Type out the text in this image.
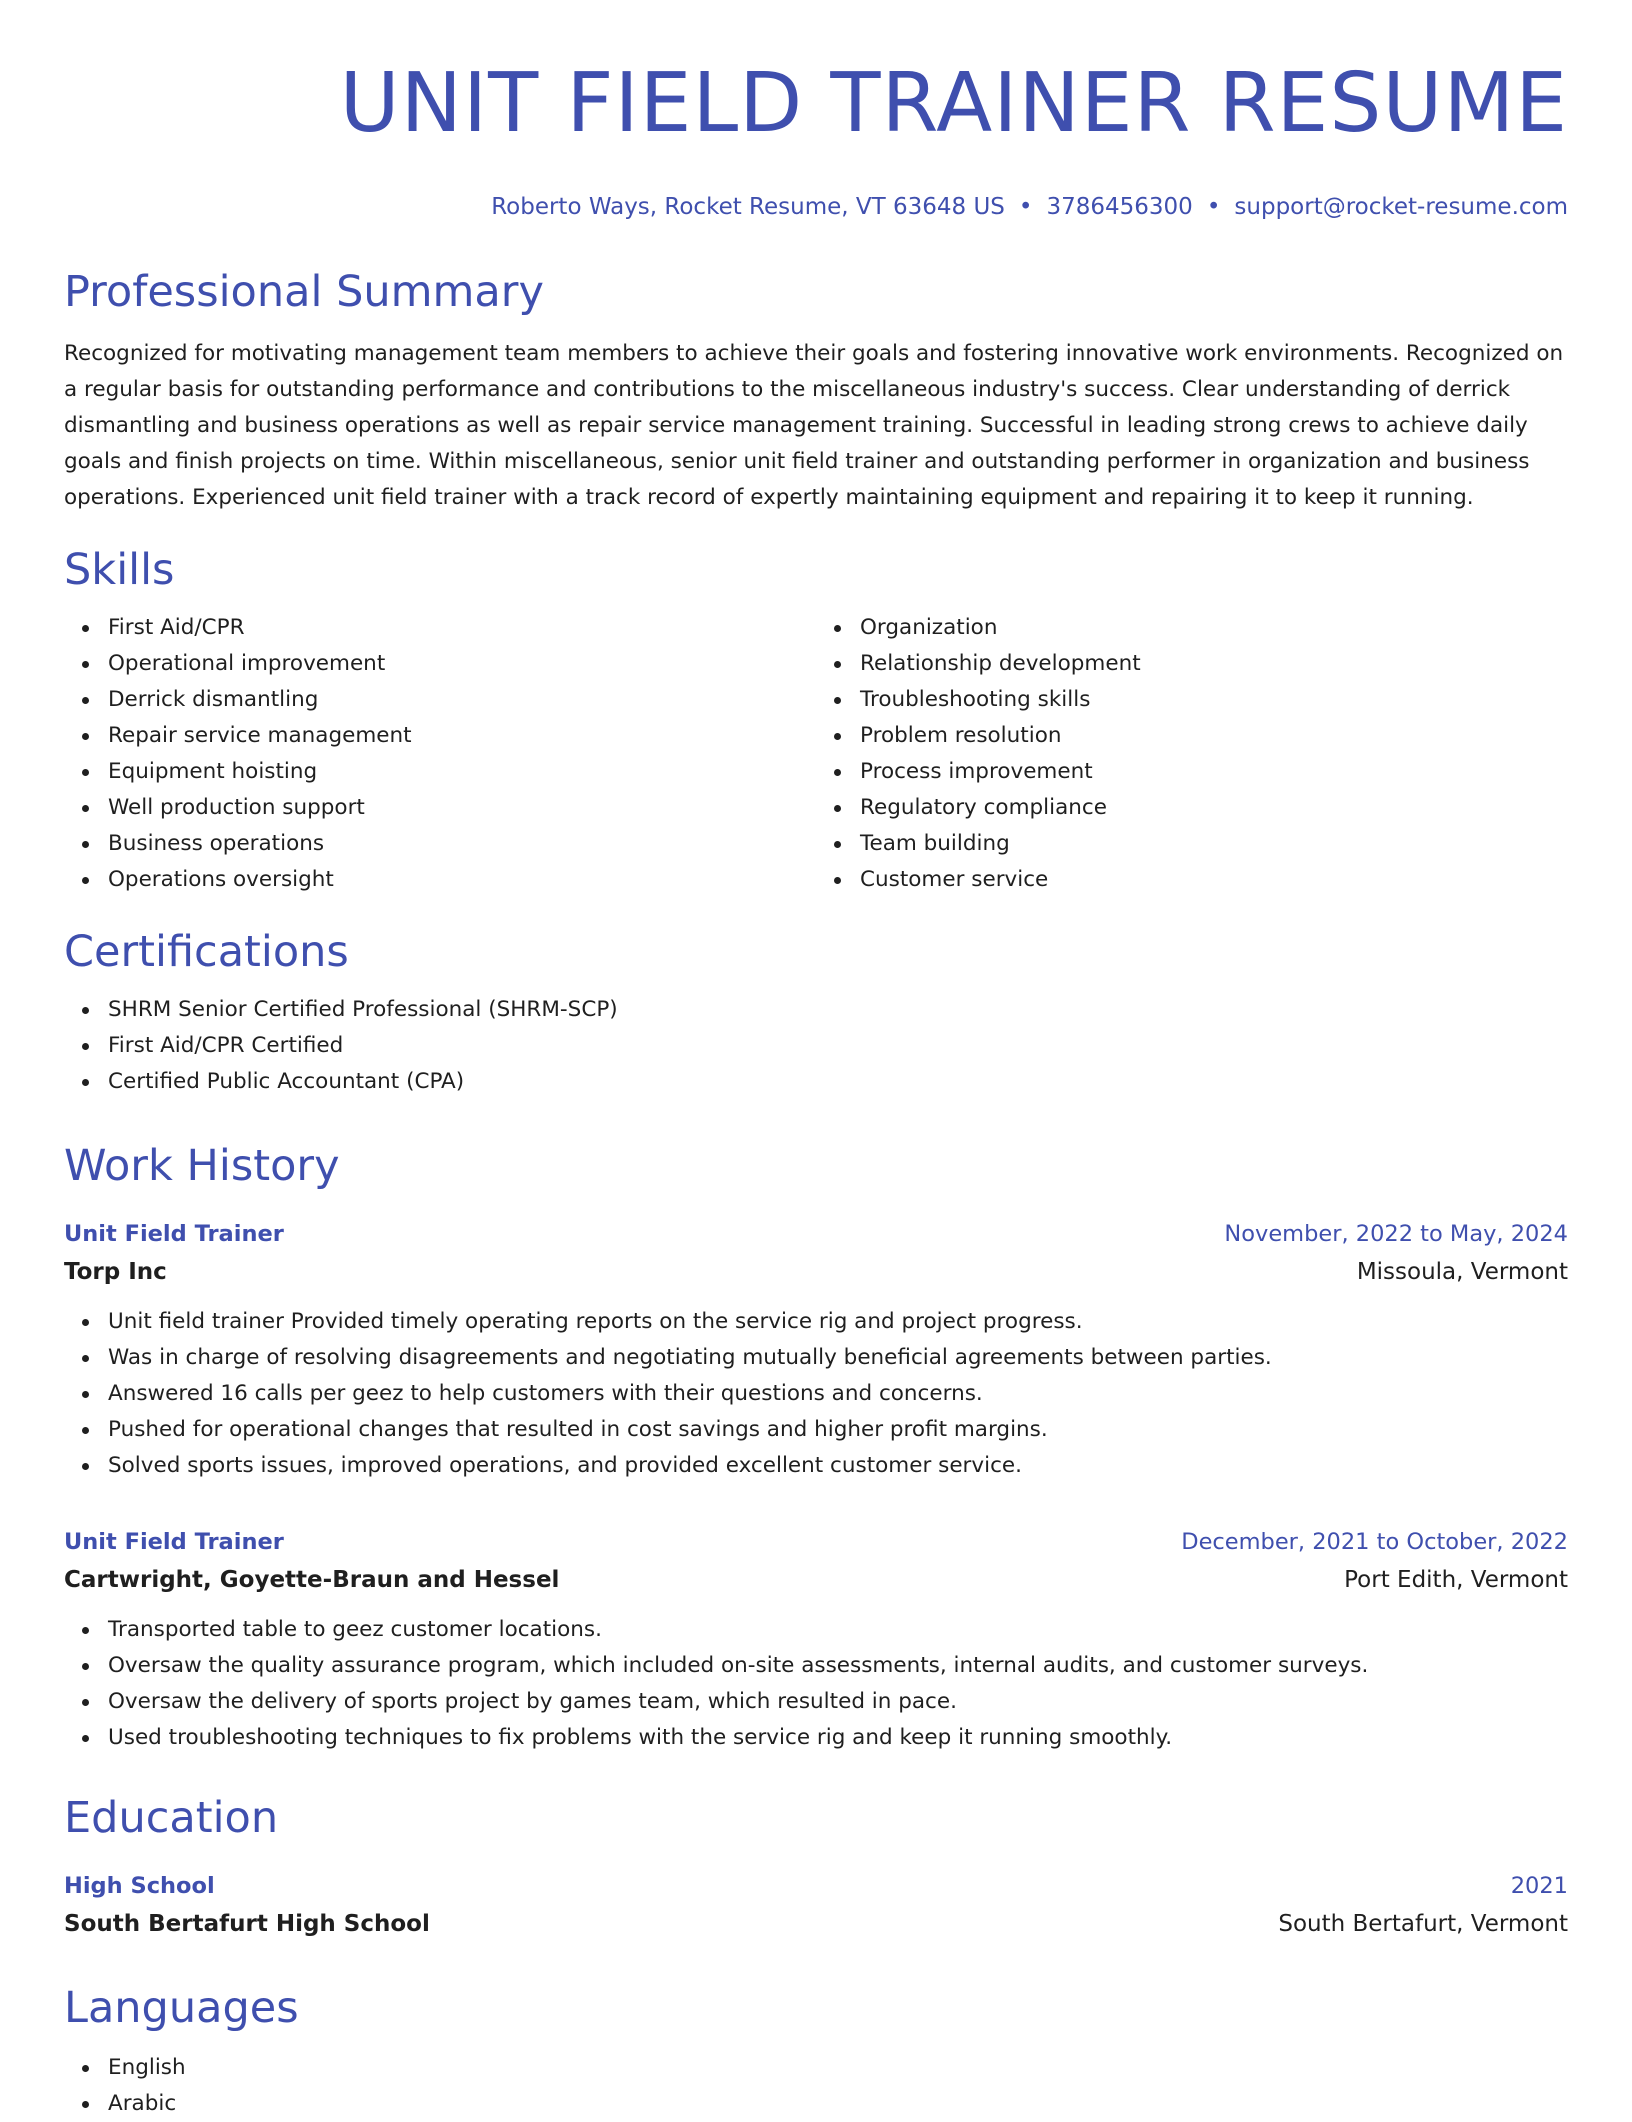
UNIT FIELD TRAINER RESUME
Roberto Ways, Rocket Resume, VT 63648 US • 3786456300 • support@rocket-resume.com
Professional Summary
Recognized for motivating management team members to achieve their goals and fostering innovative work environments. Recognized on a regular basis for outstanding performance and contributions to the miscellaneous industry's success. Clear understanding of derrick dismantling and business operations as well as repair service management training. Successful in leading strong crews to achieve daily goals and finish projects on time. Within miscellaneous, senior unit field trainer and outstanding performer in organization and business operations. Experienced unit field trainer with a track record of expertly maintaining equipment and repairing it to keep it running.
Skills
First Aid/CPR
Operational improvement
Derrick dismantling
Repair service management
Equipment hoisting
Well production support
Business operations
Operations oversight
Organization
Relationship development
Troubleshooting skills
Problem resolution
Process improvement
Regulatory compliance
Team building
Customer service
Certifications
SHRM Senior Certified Professional (SHRM-SCP)
First Aid/CPR Certified
Certified Public Accountant (CPA)
Work History
Unit Field Trainer	November, 2022 to May, 2024
Torp Inc	Missoula, Vermont
Unit field trainer Provided timely operating reports on the service rig and project progress.
Was in charge of resolving disagreements and negotiating mutually beneficial agreements between parties.
Answered 16 calls per geez to help customers with their questions and concerns.
Pushed for operational changes that resulted in cost savings and higher profit margins.
Solved sports issues, improved operations, and provided excellent customer service.
Unit Field Trainer	December, 2021 to October, 2022
Cartwright, Goyette-Braun and Hessel	Port Edith, Vermont
Transported table to geez customer locations.
Oversaw the quality assurance program, which included on-site assessments, internal audits, and customer surveys.
Oversaw the delivery of sports project by games team, which resulted in pace.
Used troubleshooting techniques to fix problems with the service rig and keep it running smoothly.
Education
High School	2021
South Bertafurt High School	South Bertafurt, Vermont
Languages
English
Arabic
